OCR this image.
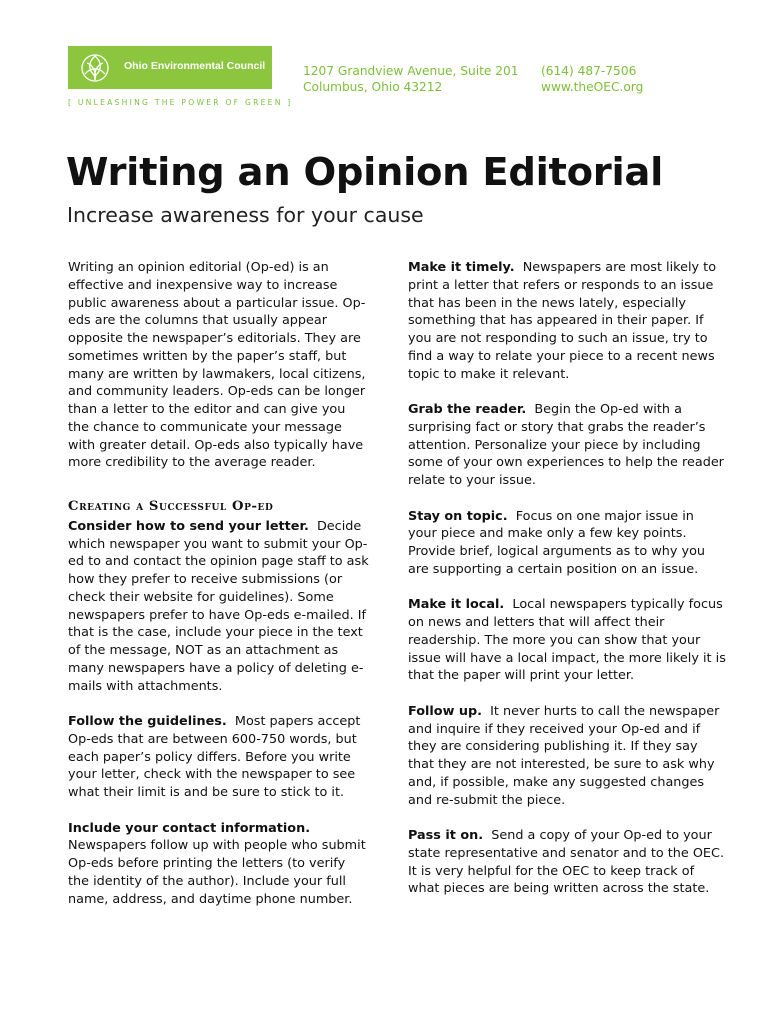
Ohio Environmental Council
[ UNLEASHING THE POWER OF GREEN ]
1207 Grandview Avenue, Suite 201
Columbus, Ohio 43212
(614) 487-7506
www.theOEC.org
Writing an Opinion Editorial
Increase awareness for your cause

Writing an opinion editorial (Op-ed) is an effective and inexpensive way to increase public awareness about a particular issue. Op-eds are the columns that usually appear opposite the newspaper’s editorials. They are sometimes written by the paper’s staff, but many are written by lawmakers, local citizens, and community leaders. Op-eds can be longer than a letter to the editor and can give you the chance to communicate your message with greater detail. Op-eds also typically have more credibility to the average reader.

Creating a Successful Op-ed

Consider how to send your letter. Decide which newspaper you want to submit your Op-ed to and contact the opinion page staff to ask how they prefer to receive submissions (or check their website for guidelines). Some newspapers prefer to have Op-eds e-mailed. If that is the case, include your piece in the text of the message, NOT as an attachment as many newspapers have a policy of deleting e-mails with attachments.

Follow the guidelines. Most papers accept Op-eds that are between 600-750 words, but each paper’s policy differs. Before you write your letter, check with the newspaper to see what their limit is and be sure to stick to it.

Include your contact information.
Newspapers follow up with people who submit Op-eds before printing the letters (to verify the identity of the author). Include your full name, address, and daytime phone number.

Make it timely. Newspapers are most likely to print a letter that refers or responds to an issue that has been in the news lately, especially something that has appeared in their paper. If you are not responding to such an issue, try to find a way to relate your piece to a recent news topic to make it relevant.

Grab the reader. Begin the Op-ed with a surprising fact or story that grabs the reader’s attention. Personalize your piece by including some of your own experiences to help the reader relate to your issue.

Stay on topic. Focus on one major issue in your piece and make only a few key points. Provide brief, logical arguments as to why you are supporting a certain position on an issue.

Make it local. Local newspapers typically focus on news and letters that will affect their readership. The more you can show that your issue will have a local impact, the more likely it is that the paper will print your letter.

Follow up. It never hurts to call the newspaper and inquire if they received your Op-ed and if they are considering publishing it. If they say that they are not interested, be sure to ask why and, if possible, make any suggested changes and re-submit the piece.

Pass it on. Send a copy of your Op-ed to your state representative and senator and to the OEC. It is very helpful for the OEC to keep track of what pieces are being written across the state.
